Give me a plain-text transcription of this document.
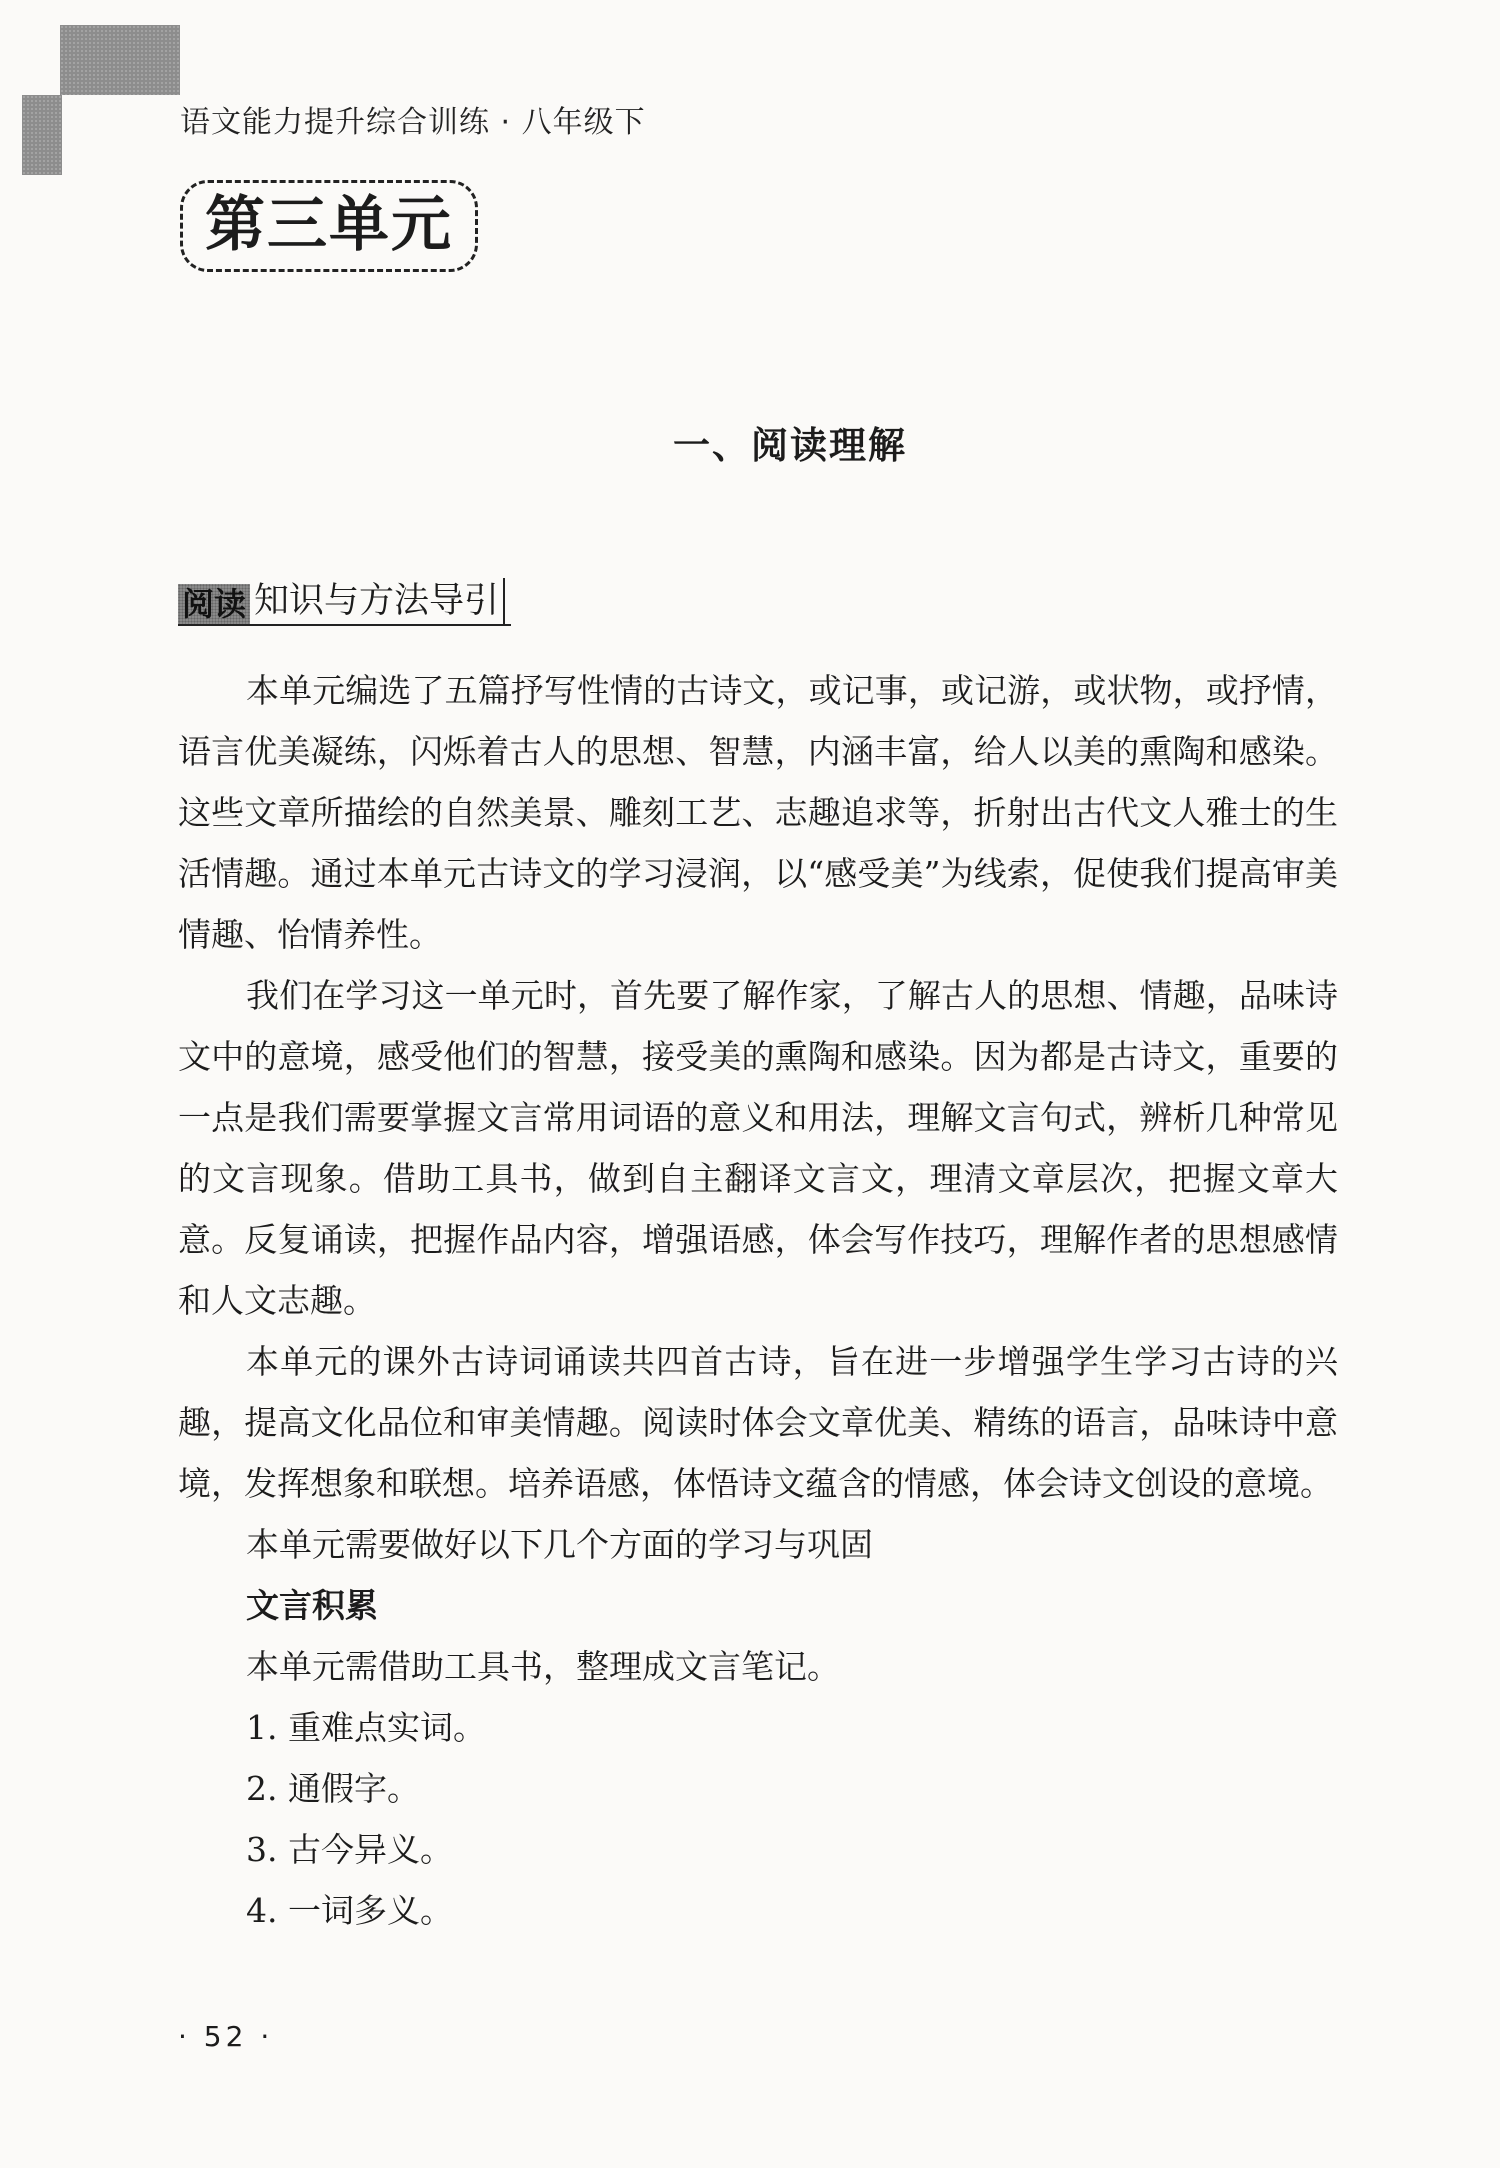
语文能力提升综合训练 · 八年级下
第三单元
一、阅读理解
阅读 知识与方法导引

本单元编选了五篇抒写性情的古诗文，或记事，或记游，或状物，或抒情，语言优美凝练，闪烁着古人的思想、智慧，内涵丰富，给人以美的熏陶和感染。这些文章所描绘的自然美景、雕刻工艺、志趣追求等，折射出古代文人雅士的生活情趣。通过本单元古诗文的学习浸润，以“感受美”为线索，促使我们提高审美情趣、怡情养性。

我们在学习这一单元时，首先要了解作家，了解古人的思想、情趣，品味诗文中的意境，感受他们的智慧，接受美的熏陶和感染。因为都是古诗文，重要的一点是我们需要掌握文言常用词语的意义和用法，理解文言句式，辨析几种常见的文言现象。借助工具书，做到自主翻译文言文，理清文章层次，把握文章大意。反复诵读，把握作品内容，增强语感，体会写作技巧，理解作者的思想感情和人文志趣。

本单元的课外古诗词诵读共四首古诗，旨在进一步增强学生学习古诗的兴趣，提高文化品位和审美情趣。阅读时体会文章优美、精练的语言，品味诗中意境，发挥想象和联想。培养语感，体悟诗文蕴含的情感，体会诗文创设的意境。

本单元需要做好以下几个方面的学习与巩固
文言积累
本单元需借助工具书，整理成文言笔记。
1. 重难点实词。
2. 通假字。
3. 古今异义。
4. 一词多义。
· 52 ·
